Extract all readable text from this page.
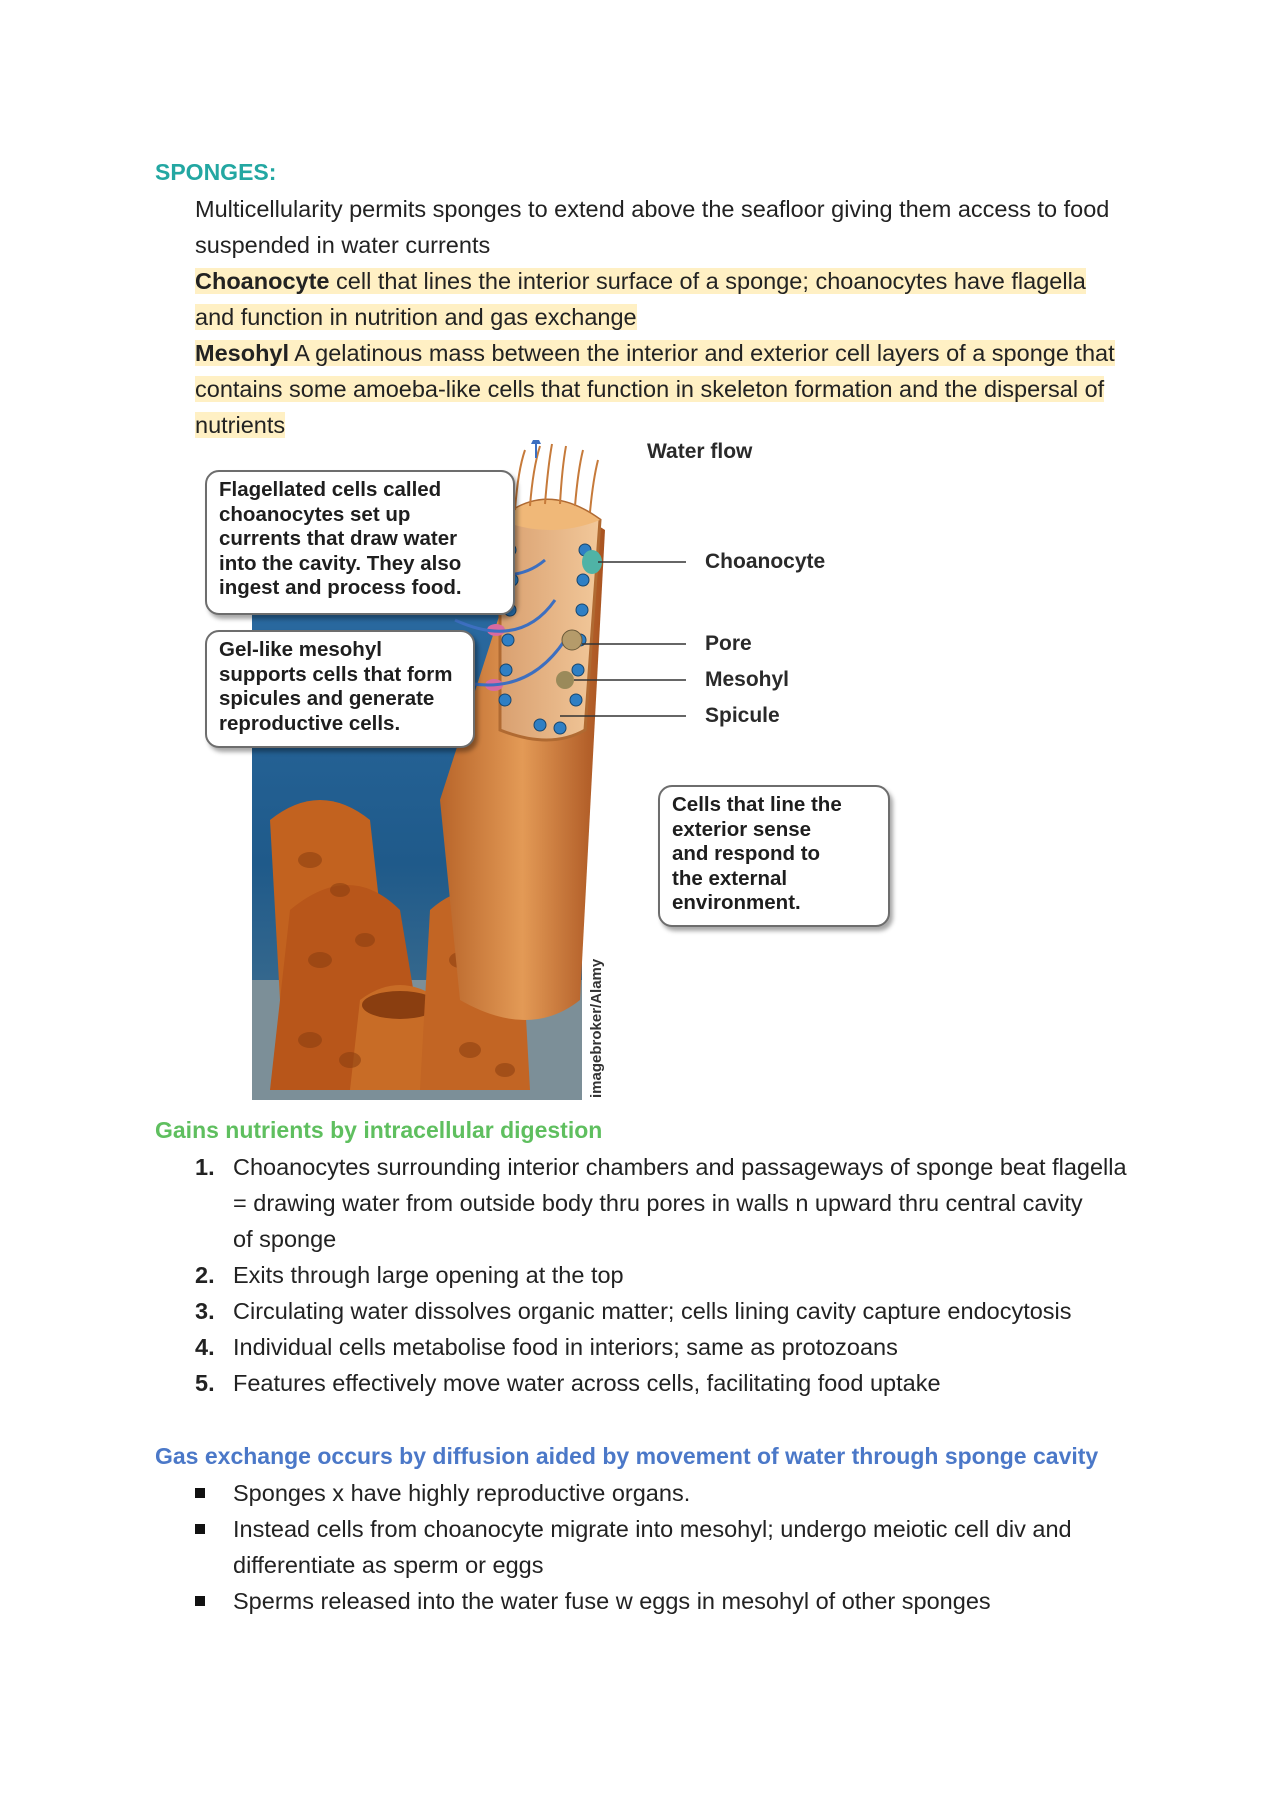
SPONGES:
Multicellularity permits sponges to extend above the seafloor giving them access to food
suspended in water currents
Choanocyte cell that lines the interior surface of a sponge; choanocytes have flagella
and function in nutrition and gas exchange
Mesohyl A gelatinous mass between the interior and exterior cell layers of a sponge that
contains some amoeba-like cells that function in skeleton formation and the dispersal of
nutrients
Flagellated cells called
choanocytes set up
currents that draw water
into the cavity. They also
ingest and process food.
Gel-like mesohyl
supports cells that form
spicules and generate
reproductive cells.
Cells that line the
exterior sense
and respond to
the external
environment.
Water flow
Choanocyte
Pore
Mesohyl
Spicule
imagebroker/Alamy
Gains nutrients by intracellular digestion
1. Choanocytes surrounding interior chambers and passageways of sponge beat flagella
= drawing water from outside body thru pores in walls n upward thru central cavity
of sponge
2. Exits through large opening at the top
3. Circulating water dissolves organic matter; cells lining cavity capture endocytosis
4. Individual cells metabolise food in interiors; same as protozoans
5. Features effectively move water across cells, facilitating food uptake
Gas exchange occurs by diffusion aided by movement of water through sponge cavity
Sponges x have highly reproductive organs.
Instead cells from choanocyte migrate into mesohyl; undergo meiotic cell div and
differentiate as sperm or eggs
Sperms released into the water fuse w eggs in mesohyl of other sponges
